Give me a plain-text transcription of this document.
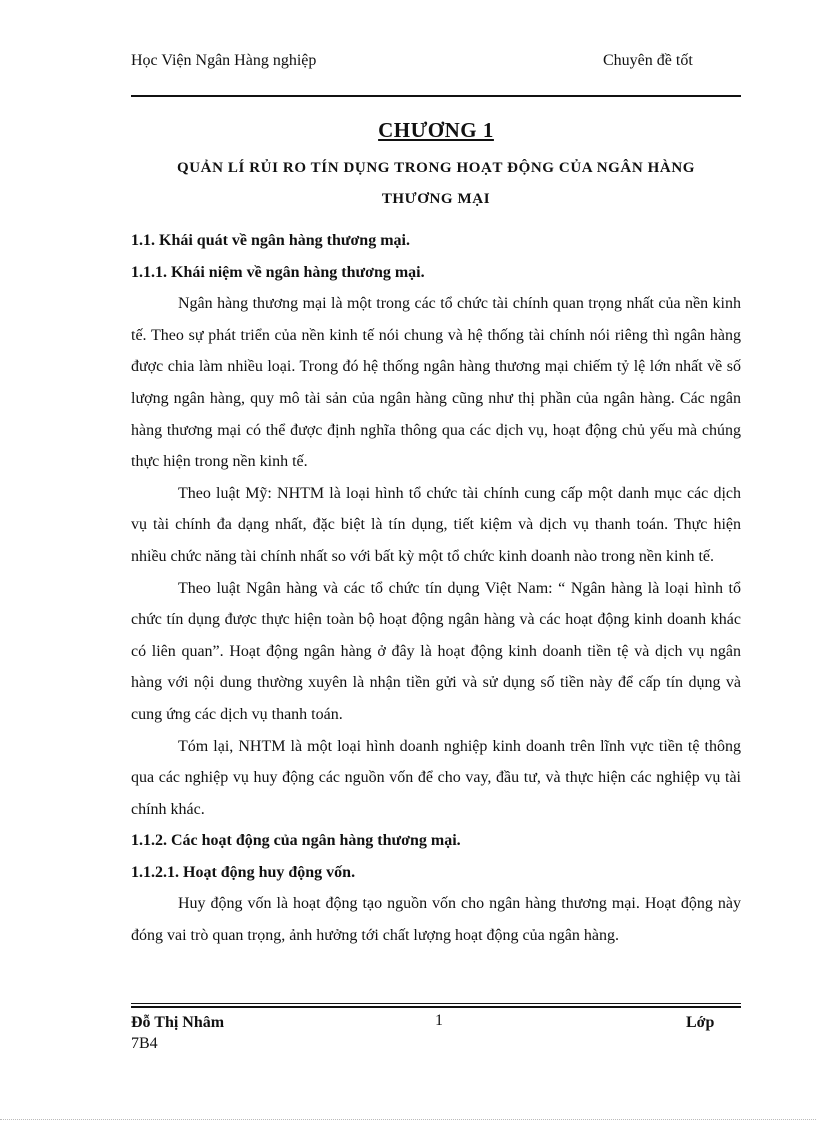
Học Viện Ngân Hàng nghiệp	Chuyên đề tốt
CHƯƠNG 1
QUẢN LÍ RỦI RO TÍN DỤNG TRONG HOẠT ĐỘNG CỦA NGÂN HÀNG
THƯƠNG MẠI

1.1. Khái quát về ngân hàng thương mại.

1.1.1. Khái niệm về ngân hàng thương mại.

Ngân hàng thương mại là một trong các tổ chức tài chính quan trọng nhất của nền kinh tế. Theo sự phát triển của nền kinh tế nói chung và hệ thống tài chính nói riêng thì ngân hàng được chia làm nhiều loại. Trong đó hệ thống ngân hàng thương mại chiếm tỷ lệ lớn nhất về số lượng ngân hàng, quy mô tài sản của ngân hàng cũng như thị phần của ngân hàng. Các ngân hàng thương mại có thể được định nghĩa thông qua các dịch vụ, hoạt động chủ yếu mà chúng thực hiện trong nền kinh tế.

Theo luật Mỹ: NHTM là loại hình tổ chức tài chính cung cấp một danh mục các dịch vụ tài chính đa dạng nhất, đặc biệt là tín dụng, tiết kiệm và dịch vụ thanh toán. Thực hiện nhiều chức năng tài chính nhất so với bất kỳ một tổ chức kinh doanh nào trong nền kinh tế.

Theo luật Ngân hàng và các tổ chức tín dụng Việt Nam: “ Ngân hàng là loại hình tổ chức tín dụng được thực hiện toàn bộ hoạt động ngân hàng và các hoạt động kinh doanh khác có liên quan”. Hoạt động ngân hàng ở đây là hoạt động kinh doanh tiền tệ và dịch vụ ngân hàng với nội dung thường xuyên là nhận tiền gửi và sử dụng số tiền này để cấp tín dụng và cung ứng các dịch vụ thanh toán.

Tóm lại, NHTM là một loại hình doanh nghiệp kinh doanh trên lĩnh vực tiền tệ thông qua các nghiệp vụ huy động các nguồn vốn để cho vay, đầu tư, và thực hiện các nghiệp vụ tài chính khác.

1.1.2. Các hoạt động của ngân hàng thương mại.

1.1.2.1. Hoạt động huy động vốn.

Huy động vốn là hoạt động tạo nguồn vốn cho ngân hàng thương mại. Hoạt động này đóng vai trò quan trọng, ảnh hưởng tới chất lượng hoạt động của ngân hàng.

Đỗ Thị Nhâm
7B4
1	Lớp
